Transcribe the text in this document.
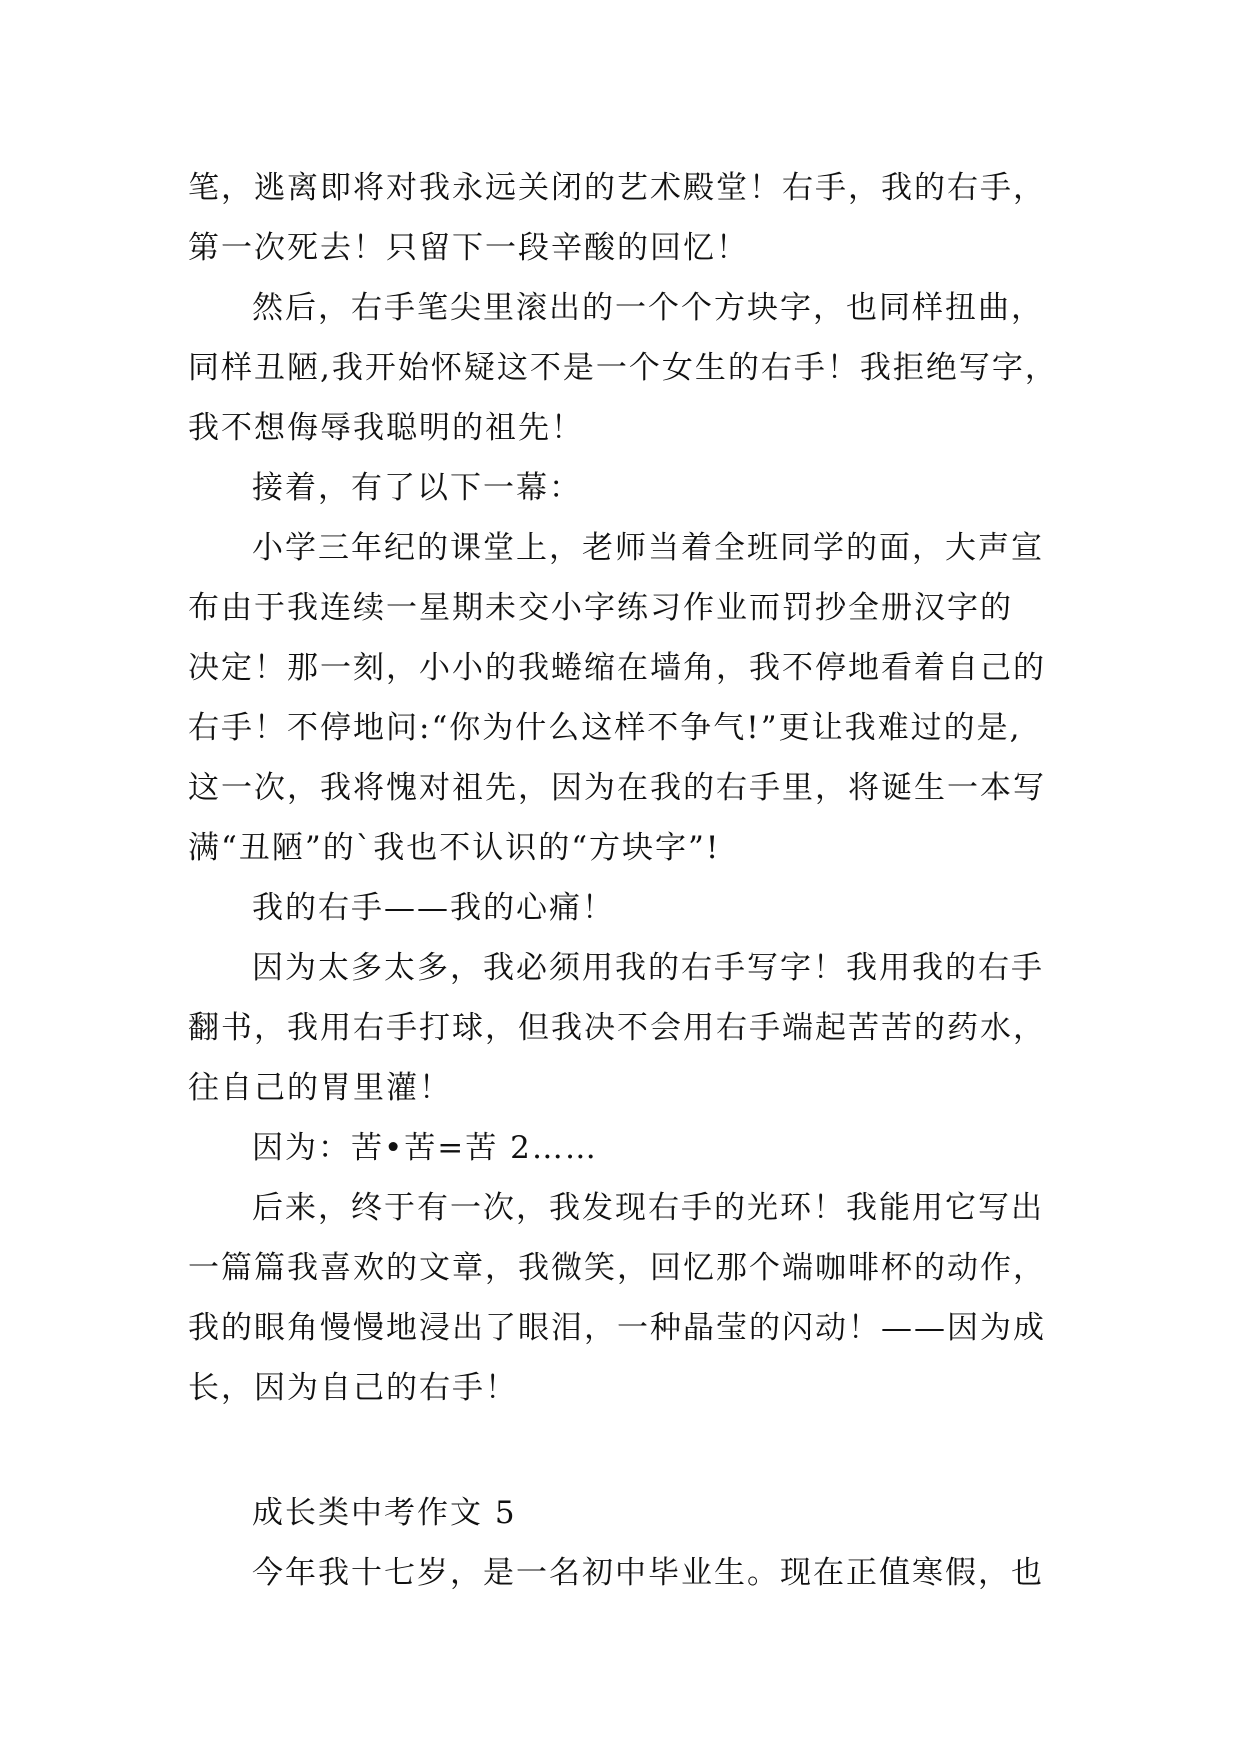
笔，逃离即将对我永远关闭的艺术殿堂！右手，我的右手，
第一次死去！只留下一段辛酸的回忆！
然后，右手笔尖里滚出的一个个方块字，也同样扭曲，
同样丑陋,我开始怀疑这不是一个女生的右手！我拒绝写字，
我不想侮辱我聪明的祖先！
接着，有了以下一幕：
小学三年纪的课堂上，老师当着全班同学的面，大声宣
布由于我连续一星期未交小字练习作业而罚抄全册汉字的
决定！那一刻，小小的我蜷缩在墙角，我不停地看着自己的
右手！不停地问:“你为什么这样不争气!”更让我难过的是,
这一次，我将愧对祖先，因为在我的右手里，将诞生一本写
满“丑陋”的`我也不认识的“方块字”!
我的右手——我的心痛！
因为太多太多，我必须用我的右手写字！我用我的右手
翻书，我用右手打球，但我决不会用右手端起苦苦的药水，
往自己的胃里灌！
因为：苦•苦=苦 2……
后来，终于有一次，我发现右手的光环！我能用它写出
一篇篇我喜欢的文章，我微笑，回忆那个端咖啡杯的动作，
我的眼角慢慢地浸出了眼泪，一种晶莹的闪动！——因为成
长，因为自己的右手！
成长类中考作文 5
今年我十七岁，是一名初中毕业生。现在正值寒假，也
